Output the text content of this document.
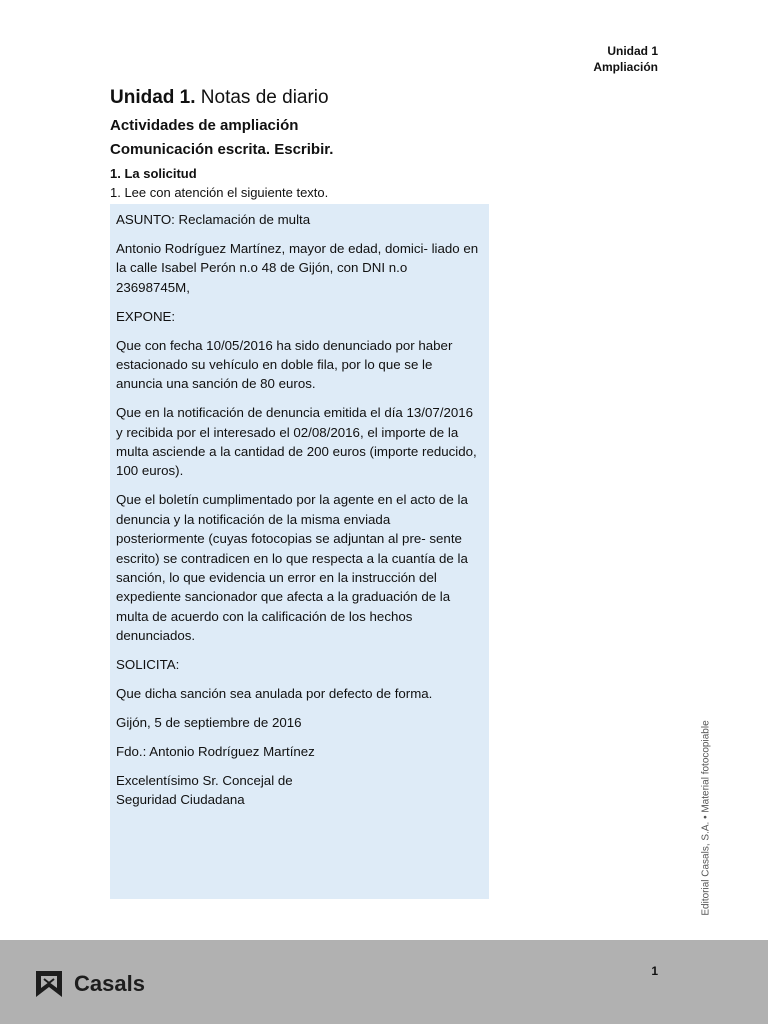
Unidad 1
Ampliación
Unidad 1. Notas de diario
Actividades de ampliación
Comunicación escrita. Escribir.
1. La solicitud
1. Lee con atención el siguiente texto.

ASUNTO: Reclamación de multa

Antonio Rodríguez Martínez, mayor de edad, domici- liado en la calle Isabel Perón n.o 48 de Gijón, con DNI n.o 23698745M,

EXPONE:

Que con fecha 10/05/2016 ha sido denunciado por haber estacionado su vehículo en doble fila, por lo que se le anuncia una sanción de 80 euros.

Que en la notificación de denuncia emitida el día 13/07/2016 y recibida por el interesado el 02/08/2016, el importe de la multa asciende a la cantidad de 200 euros (importe reducido, 100 euros).

Que el boletín cumplimentado por la agente en el acto de la denuncia y la notificación de la misma enviada posteriormente (cuyas fotocopias se adjuntan al pre- sente escrito) se contradicen en lo que respecta a la cuantía de la sanción, lo que evidencia un error en la instrucción del expediente sancionador que afecta a la graduación de la multa de acuerdo con la calificación de los hechos denunciados.

SOLICITA:

Que dicha sanción sea anulada por defecto de forma.

Gijón, 5 de septiembre de 2016

Fdo.: Antonio Rodríguez Martínez

Excelentísimo Sr. Concejal de
Seguridad Ciudadana	Editorial Casals, S.A. • Material fotocopiable
Casals	1
